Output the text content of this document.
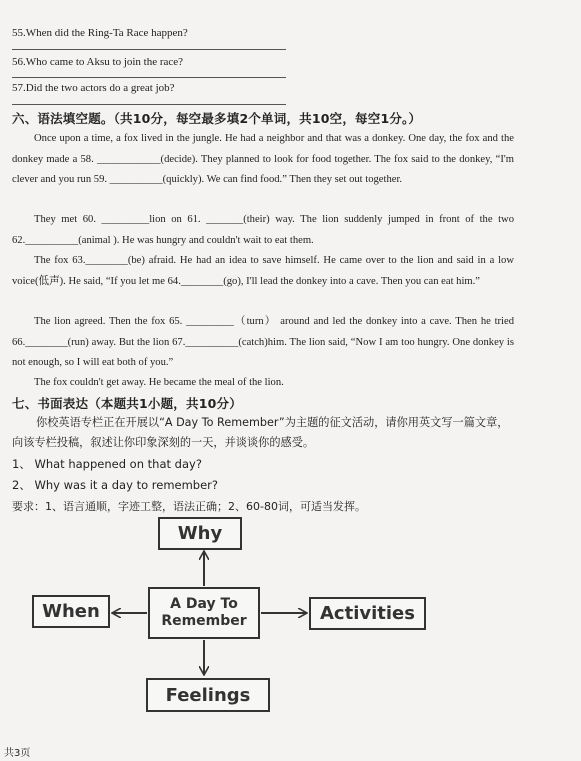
55.When did the Ring-Ta Race happen?
56.Who came to Aksu to join the race?
57.Did the two actors do a great job?
六、语法填空题。（共10分，每空最多填2个单词，共10空，每空1分。）
Once upon a time, a fox lived in the jungle. He had a neighbor and that was a donkey. One day, the fox and the donkey made a 58. ____________(decide). They planned to look for food together. The fox said to the donkey, “I'm clever and you run 59. __________(quickly). We can find food.” Then they set out together.
They met 60. _________lion on 61. _______(their) way. The lion suddenly jumped in front of the two 62.__________(animal ). He was hungry and couldn't wait to eat them.
The fox 63.________(be) afraid. He had an idea to save himself. He came over to the lion and said in a low voice(低声). He said, “If you let me 64.________(go), I'll lead the donkey into a cave. Then you can eat him.”
The lion agreed. Then the fox 65. _________（turn） around and led the donkey into a cave. Then he tried 66.________(run) away. But the lion 67.__________(catch)him. The lion said, “Now I am too hungry. One donkey is not enough, so I will eat both of you.”
The fox couldn't get away. He became the meal of the lion.
七、书面表达（本题共1小题，共10分）
你校英语专栏正在开展以“A Day To Remember”为主题的征文活动，请你用英文写一篇文章，向该专栏投稿，叙述让你印象深刻的一天，并谈谈你的感受。
1、 What happened on that day?
2、 Why was it a day to remember?
要求：1、语言通顺，字迹工整，语法正确；2、60-80词，可适当发挥。
Why
When	A Day To
Remember	Activities
Feelings
共3页
